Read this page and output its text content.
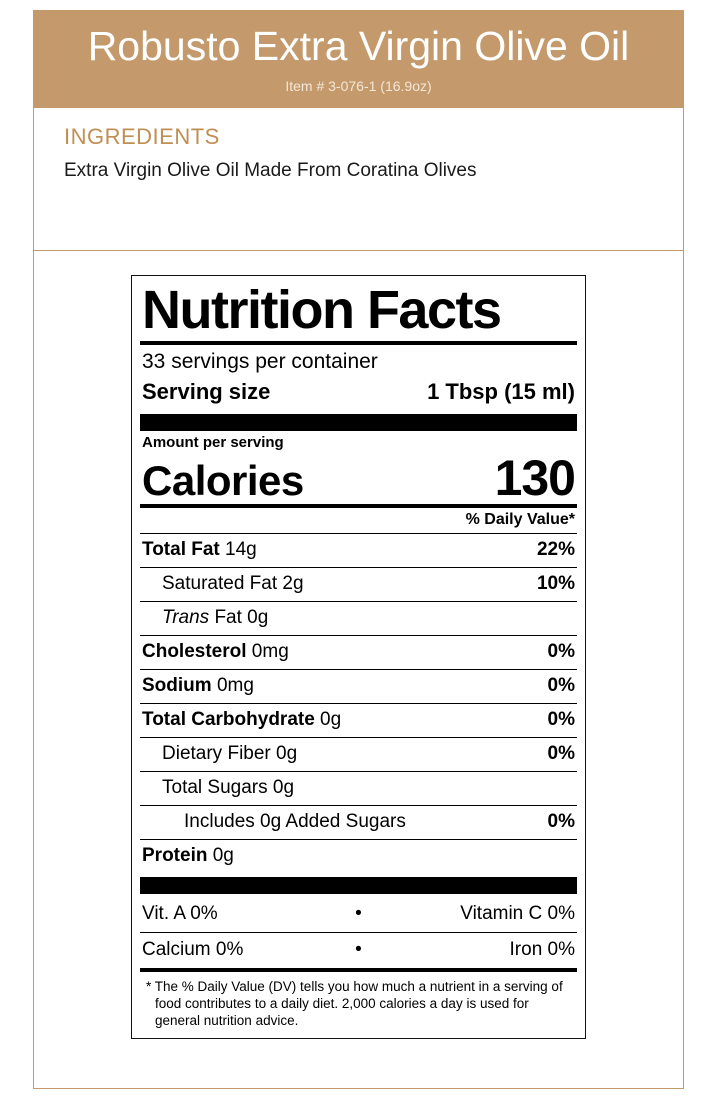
Robusto Extra Virgin Olive Oil
Item # 3-076-1 (16.9oz)
INGREDIENTS
Extra Virgin Olive Oil Made From Coratina Olives
Nutrition Facts
33 servings per container
Serving size	1 Tbsp (15 ml)
Amount per serving
Calories	130
% Daily Value*
Total Fat 14g	22%
Saturated Fat 2g	10%
Trans Fat 0g
Cholesterol 0mg	0%
Sodium 0mg	0%
Total Carbohydrate 0g	0%
Dietary Fiber 0g	0%
Total Sugars 0g
Includes 0g Added Sugars	0%
Protein 0g
Vit. A 0%	•	Vitamin C 0%
Calcium 0%	•	Iron 0%
* The % Daily Value (DV) tells you how much a nutrient in a serving of food contributes to a daily diet. 2,000 calories a day is used for general nutrition advice.
